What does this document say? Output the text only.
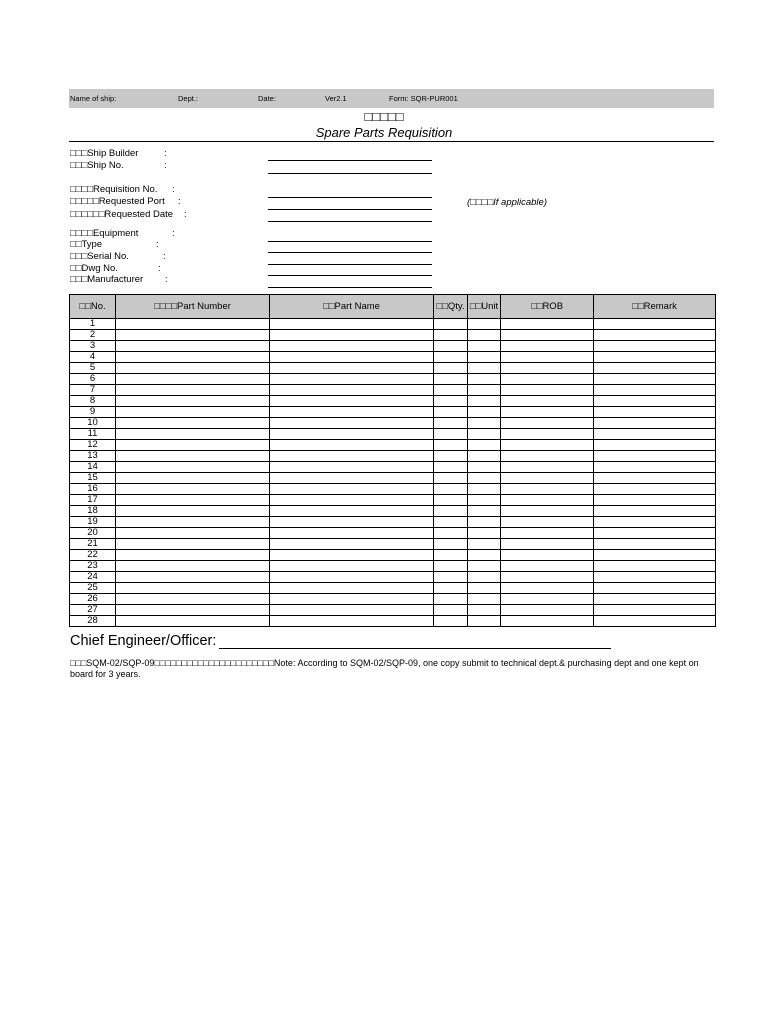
Name of ship:	Dept.:	Date:	Ver2.1	Form: SQR-PUR001
□□□□□
Spare Parts Requisition
□□□Ship Builder	:
□□□Ship No.	:
□□□□Requisition No. :
□□□□□Requested Port :	(□□□□If applicable)
□□□□□□Requested Date :
□□□□Equipment	:
□□Type	:
□□□Serial No.	:
□□Dwg No.	:
□□□Manufacturer :
□□No.	□□□□Part Number	□□Part Name	□□Qty.	□□Unit	□□ROB	□□Remark
1						
2						
3						
4						
5						
6						
7						
8						
9						
10						
11						
12						
13						
14						
15						
16						
17						
18						
19						
20						
21						
22						
23						
24						
25						
26						
27						
28						
Chief Engineer/Officer:
□□□SQM-02/SQP-09□□□□□□□□□□□□□□□□□□□□□□Note: According to SQM-02/SQP-09, one copy submit to technical dept.& purchasing dept and one kept on board for 3 years.
